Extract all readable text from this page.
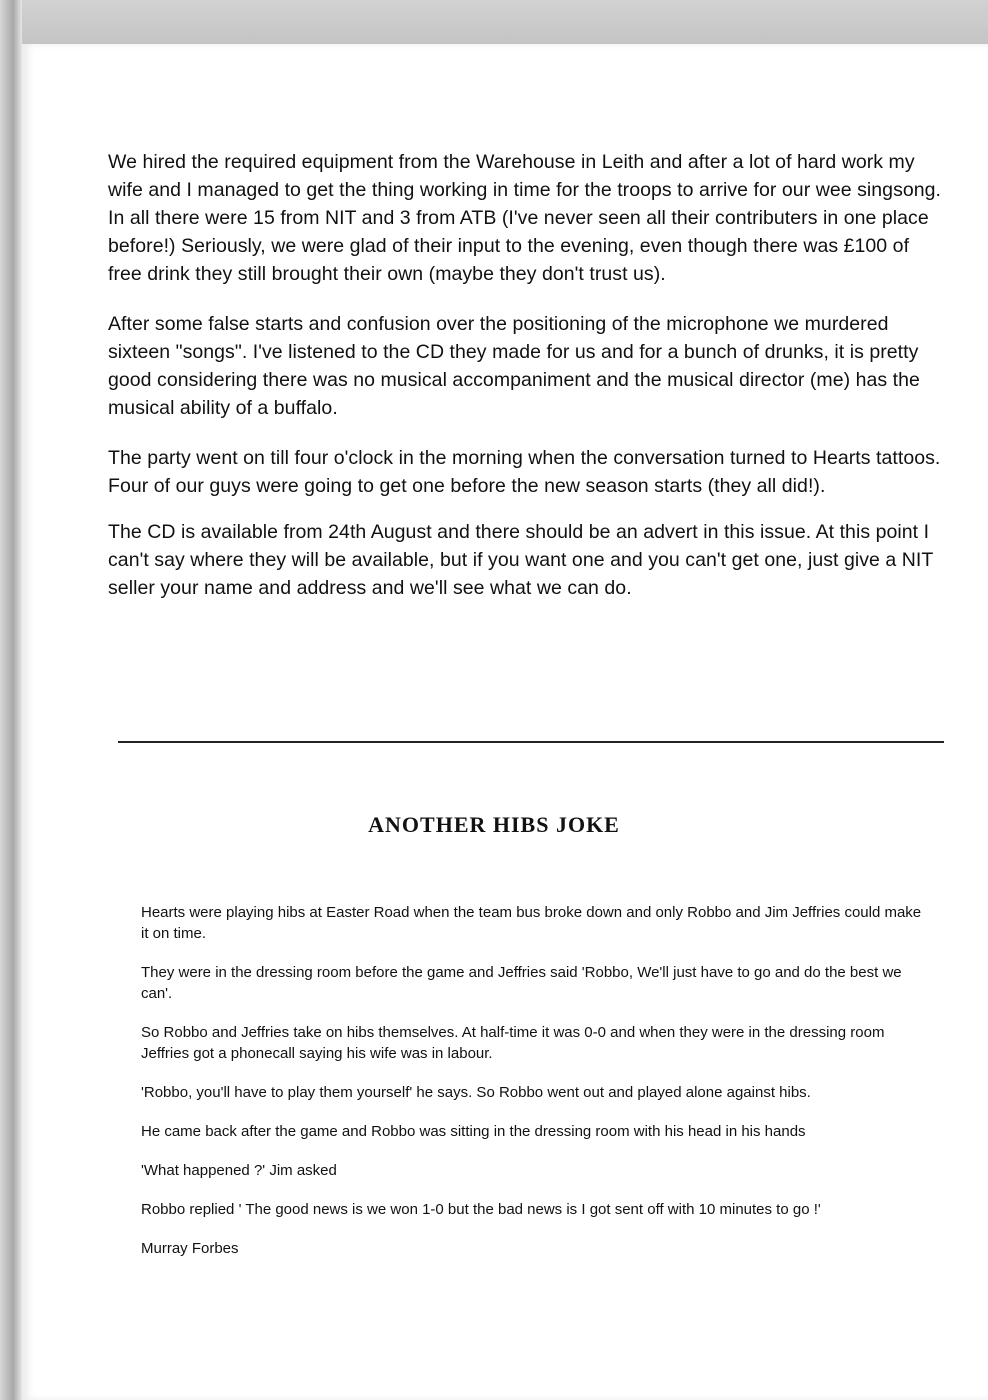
We hired the required equipment from the Warehouse in Leith and after a lot of hard work my wife and I managed to get the thing working in time for the troops to arrive for our wee singsong. In all there were 15 from NIT and 3 from ATB (I've never seen all their contributers in one place before!) Seriously, we were glad of their input to the evening, even though there was £100 of free drink they still brought their own (maybe they don't trust us).

After some false starts and confusion over the positioning of the microphone we murdered sixteen "songs". I've listened to the CD they made for us and for a bunch of drunks, it is pretty good considering there was no musical accompaniment and the musical director (me) has the musical ability of a buffalo.

The party went on till four o'clock in the morning when the conversation turned to Hearts tattoos. Four of our guys were going to get one before the new season starts (they all did!).

The CD is available from 24th August and there should be an advert in this issue. At this point I can't say where they will be available, but if you want one and you can't get one, just give a NIT seller your name and address and we'll see what we can do.

ANOTHER HIBS JOKE

Hearts were playing hibs at Easter Road when the team bus broke down and only Robbo and Jim Jeffries could make it on time.

They were in the dressing room before the game and Jeffries said 'Robbo, We'll just have to go and do the best we can'.

So Robbo and Jeffries take on hibs themselves. At half-time it was 0-0 and when they were in the dressing room Jeffries got a phonecall saying his wife was in labour.

'Robbo, you'll have to play them yourself' he says. So Robbo went out and played alone against hibs.

He came back after the game and Robbo was sitting in the dressing room with his head in his hands

'What happened ?' Jim asked

Robbo replied ' The good news is we won 1-0 but the bad news is I got sent off with 10 minutes to go !'

Murray Forbes
